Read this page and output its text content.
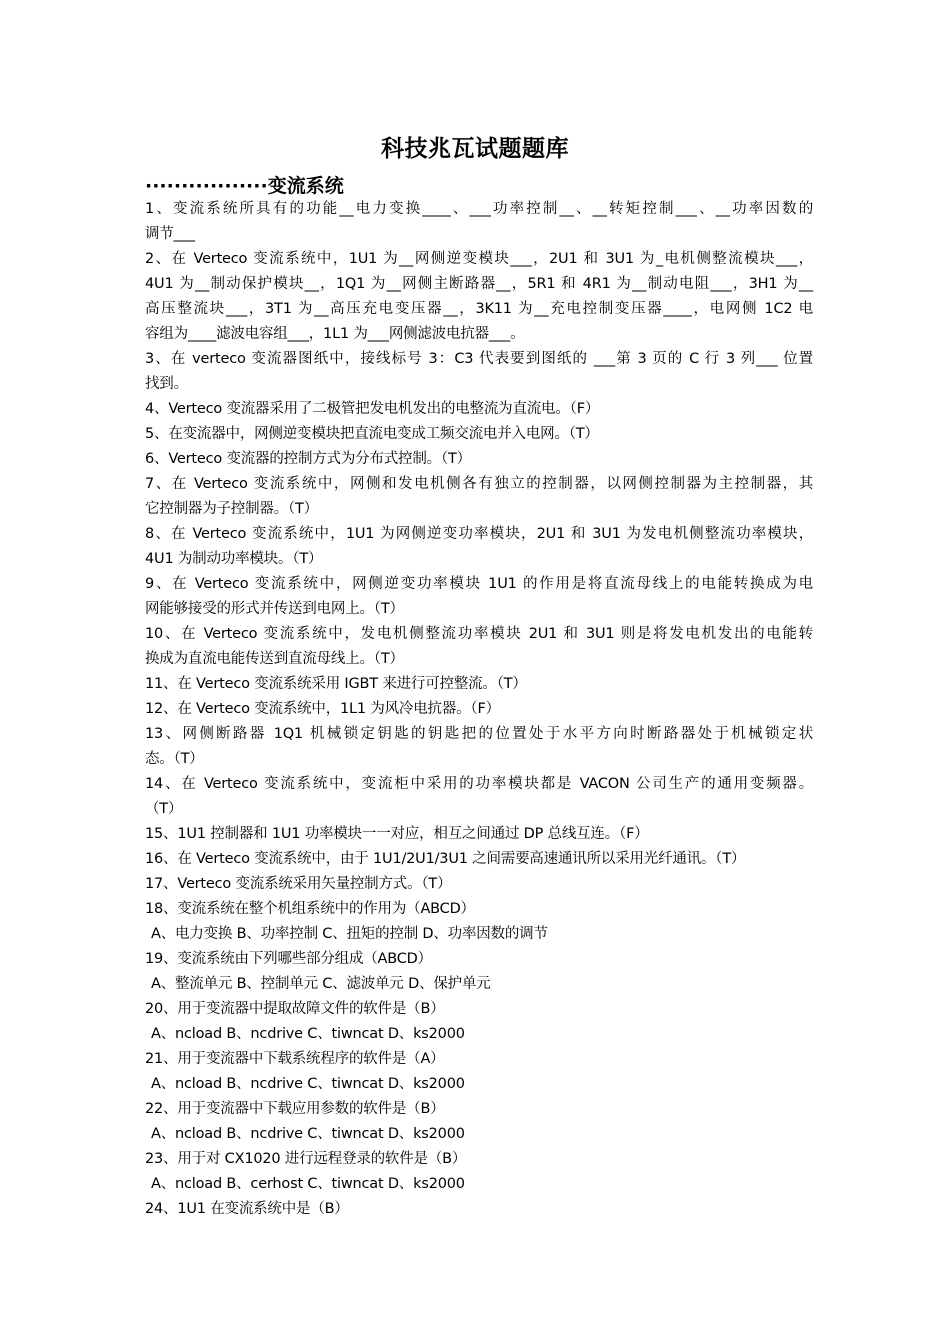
科技兆瓦试题题库
·················变流系统
1、变流系统所具有的功能__电力变换____、___功率控制__、__转矩控制___、__功率因数的
调节___
2、在 Verteco 变流系统中，1U1 为__网侧逆变模块___，2U1 和 3U1 为_电机侧整流模块___，
4U1 为__制动保护模块__，1Q1 为__网侧主断路器__，5R1 和 4R1 为__制动电阻___，3H1 为__
高压整流块___，3T1 为__高压充电变压器__，3K11 为__充电控制变压器____，电网侧 1C2 电
容组为____滤波电容组___，1L1 为___网侧滤波电抗器___。
3、在 verteco 变流器图纸中，接线标号 3：C3 代表要到图纸的 ___第 3 页的 C 行 3 列___ 位置
找到。
4、Verteco 变流器采用了二极管把发电机发出的电整流为直流电。（F）
5、在变流器中，网侧逆变模块把直流电变成工频交流电并入电网。（T）
6、Verteco 变流器的控制方式为分布式控制。（T）
7、在 Verteco 变流系统中，网侧和发电机侧各有独立的控制器，以网侧控制器为主控制器，其
它控制器为子控制器。（T）
8、在 Verteco 变流系统中，1U1 为网侧逆变功率模块，2U1 和 3U1 为发电机侧整流功率模块，
4U1 为制动功率模块。（T）
9、在 Verteco 变流系统中，网侧逆变功率模块 1U1 的作用是将直流母线上的电能转换成为电
网能够接受的形式并传送到电网上。（T）
10、在 Verteco 变流系统中，发电机侧整流功率模块 2U1 和 3U1 则是将发电机发出的电能转
换成为直流电能传送到直流母线上。（T）
11、在 Verteco 变流系统采用 IGBT 来进行可控整流。（T）
12、在 Verteco 变流系统中，1L1 为风冷电抗器。（F）
13、网侧断路器 1Q1 机械锁定钥匙的钥匙把的位置处于水平方向时断路器处于机械锁定状
态。（T）
14、在 Verteco 变流系统中，变流柜中采用的功率模块都是 VACON 公司生产的通用变频器。
（T）
15、1U1 控制器和 1U1 功率模块一一对应，相互之间通过 DP 总线互连。（F）
16、在 Verteco 变流系统中，由于 1U1/2U1/3U1 之间需要高速通讯所以采用光纤通讯。（T）
17、Verteco 变流系统采用矢量控制方式。（T）
18、变流系统在整个机组系统中的作用为（ABCD）
A、电力变换 B、功率控制 C、扭矩的控制 D、功率因数的调节
19、变流系统由下列哪些部分组成（ABCD）
A、整流单元 B、控制单元 C、滤波单元 D、保护单元
20、用于变流器中提取故障文件的软件是（B）
A、ncload B、ncdrive C、tiwncat D、ks2000
21、用于变流器中下载系统程序的软件是（A）
A、ncload B、ncdrive C、tiwncat D、ks2000
22、用于变流器中下载应用参数的软件是（B）
A、ncload B、ncdrive C、tiwncat D、ks2000
23、用于对 CX1020 进行远程登录的软件是（B）
A、ncload B、cerhost C、tiwncat D、ks2000
24、1U1 在变流系统中是（B）
